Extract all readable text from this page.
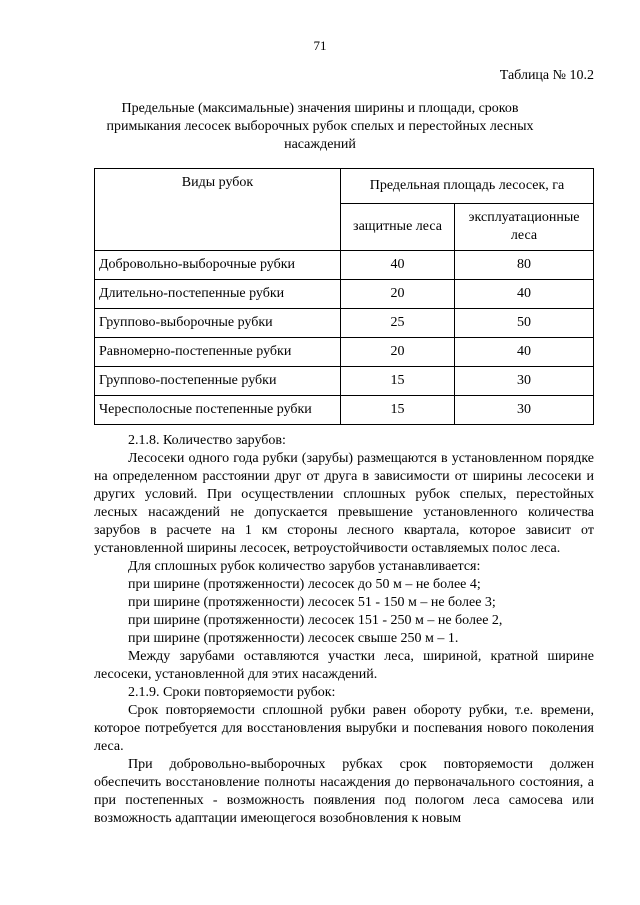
71
Таблица № 10.2
Предельные (максимальные) значения ширины и площади, сроков примыкания лесосек выборочных рубок спелых и перестойных лесных насаждений
Виды рубок	Предельная площадь лесосек, га	
	защитные леса	эксплуатационные леса
Добровольно-выборочные рубки	40	80
Длительно-постепенные рубки	20	40
Группово-выборочные рубки	25	50
Равномерно-постепенные рубки	20	40
Группово-постепенные рубки	15	30
Чересполосные постепенные рубки	15	30

2.1.8. Количество зарубов:

Лесосеки одного года рубки (зарубы) размещаются в установленном порядке на определенном расстоянии друг от друга в зависимости от ширины лесосеки и других условий. При осуществлении сплошных рубок спелых, перестойных лесных насаждений не допускается превышение установленного количества зарубов в расчете на 1 км стороны лесного квартала, которое зависит от установленной ширины лесосек, ветроустойчивости оставляемых полос леса.

Для сплошных рубок количество зарубов устанавливается:

при ширине (протяженности) лесосек до 50 м – не более 4;

при ширине (протяженности) лесосек 51 - 150 м – не более 3;

при ширине (протяженности) лесосек 151 - 250 м – не более 2,

при ширине (протяженности) лесосек свыше 250 м – 1.

Между зарубами оставляются участки леса, шириной, кратной ширине лесосеки, установленной для этих насаждений.

2.1.9. Сроки повторяемости рубок:

Срок повторяемости сплошной рубки равен обороту рубки, т.е. времени, которое потребуется для восстановления вырубки и поспевания нового поколения леса.

При добровольно-выборочных рубках срок повторяемости должен обеспечить восстановление полноты насаждения до первоначального состояния, а при постепенных - возможность появления под пологом леса самосева или возможность адаптации имеющегося возобновления к новым
